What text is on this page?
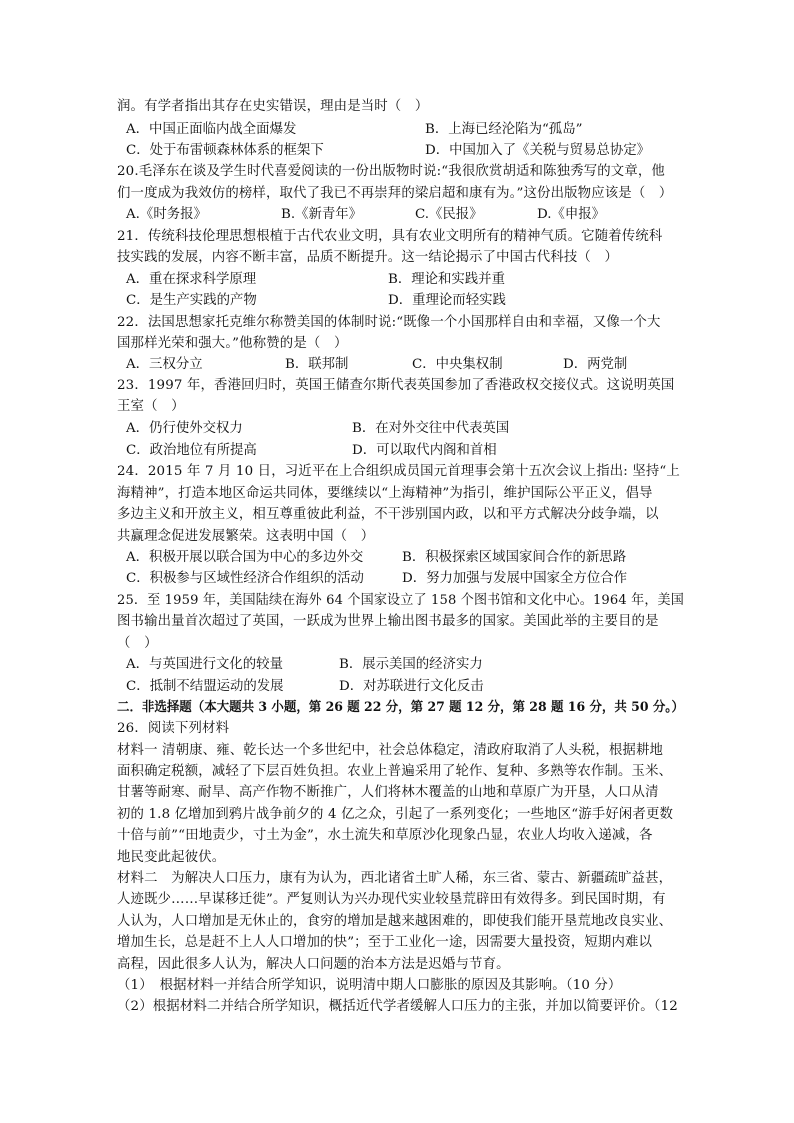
润。有学者指出其存在史实错误，理由是当时（　）
A．中国正面临内战全面爆发	B．上海已经沦陷为“孤岛”
C．处于布雷顿森林体系的框架下	D．中国加入了《关税与贸易总协定》
20.毛泽东在谈及学生时代喜爱阅读的一份出版物时说:“我很欣赏胡适和陈独秀写的文章，他
们一度成为我效仿的榜样，取代了我已不再崇拜的梁启超和康有为。”这份出版物应该是（　）
A.《时务报》	B.《新青年》	C.《民报》	D.《申报》
21．传统科技伦理思想根植于古代农业文明，具有农业文明所有的精神气质。它随着传统科
技实践的发展，内容不断丰富，品质不断提升。这一结论揭示了中国古代科技（　）
A．重在探求科学原理	B．理论和实践并重
C．是生产实践的产物	D．重理论而轻实践
22．法国思想家托克维尔称赞美国的体制时说:“既像一个小国那样自由和幸福，又像一个大
国那样光荣和强大。”他称赞的是（　）
A．三权分立	B．联邦制	C．中央集权制	D．两党制
23．1997 年，香港回归时，英国王储查尔斯代表英国参加了香港政权交接仪式。这说明英国
王室（　）
A．仍行使外交权力	B．在对外交往中代表英国
C．政治地位有所提高	D．可以取代内阁和首相
24．2015 年 7 月 10 日，习近平在上合组织成员国元首理事会第十五次会议上指出: 坚持“上
海精神”，打造本地区命运共同体，要继续以“上海精神”为指引，维护国际公平正义，倡导
多边主义和开放主义，相互尊重彼此利益，不干涉别国内政，以和平方式解决分歧争端，以
共赢理念促进发展繁荣。这表明中国（　）
A．积极开展以联合国为中心的多边外交	B．积极探索区域国家间合作的新思路
C．积极参与区域性经济合作组织的活动	D．努力加强与发展中国家全方位合作
25．至 1959 年，美国陆续在海外 64 个国家设立了 158 个图书馆和文化中心。1964 年，美国
图书输出量首次超过了英国，一跃成为世界上输出图书最多的国家。美国此举的主要目的是
（　）
A．与英国进行文化的较量	B．展示美国的经济实力
C．抵制不结盟运动的发展	D．对苏联进行文化反击
二．非选择题（本大题共 3 小题，第 26 题 22 分，第 27 题 12 分，第 28 题 16 分，共 50 分。）
26．阅读下列材料
材料一 清朝康、雍、乾长达一个多世纪中，社会总体稳定，清政府取消了人头税，根据耕地
面积确定税额，减轻了下层百姓负担。农业上普遍采用了轮作、复种、多熟等农作制。玉米、
甘薯等耐寒、耐旱、高产作物不断推广，人们将林木覆盖的山地和草原广为开垦，人口从清
初的 1.8 亿增加到鸦片战争前夕的 4 亿之众，引起了一系列变化；一些地区“游手好闲者更数
十倍与前”“田地责少，寸土为金”，水土流失和草原沙化现象凸显，农业人均收入递减，各
地民变此起彼伏。
材料二　为解决人口压力，康有为认为，西北诸省土旷人稀，东三省、蒙古、新疆疏旷益甚，
人迹既少……早谋移迁徙”。严复则认为兴办现代实业较垦荒辟田有效得多。到民国时期，有
人认为，人口增加是无休止的，食穷的增加是越来越困难的，即使我们能开垦荒地改良实业、
增加生长，总是赶不上人人口增加的快”；至于工业化一途，因需要大量投资，短期内难以
高程，因此很多人认为，解决人口问题的治本方法是迟婚与节育。
（1）　根据材料一并结合所学知识，说明清中期人口膨胀的原因及其影响。（10 分）
（2）根据材料二并结合所学知识，概括近代学者缓解人口压力的主张，并加以简要评价。（12
